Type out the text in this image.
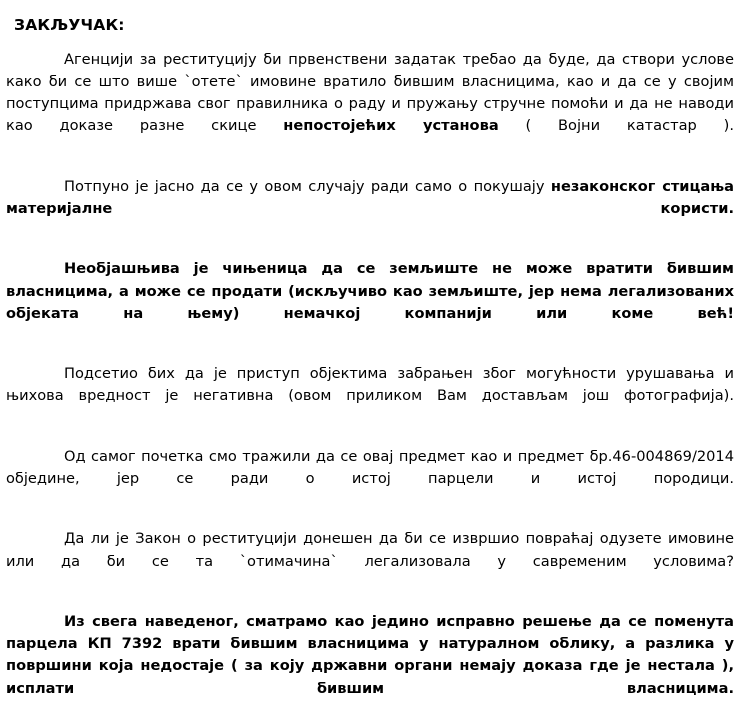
ЗАКЉУЧАК:

Агенцији за реституцију би првенствени задатак требао да буде, да створи услове како би се што више `отете` имовине вратило бившим власницима, као и да се у својим поступцима придржава свог правилника о раду и пружању стручне помоћи и да не наводи као доказе разне скице непостојећих установа ( Војни катастар ).

Потпуно је јасно да се у овом случају ради само о покушају незаконског стицања материјалне користи.

Необјашњива је чињеница да се земљиште не може вратити бившим власницима, а може се продати (искључиво као земљиште, јер нема легализованих објеката на њему) немачкој компанији или коме већ!

Подсетио бих да је приступ објектима забрањен због могућности урушавања и њихова вредност је негативна (овом приликом Вам достављам још фотографија).

Од самог почетка смо тражили да се овај предмет као и предмет бр.46-004869/2014 обједине, јер се ради о истој парцели и истој породици.

Да ли је Закон о реституцији донешен да би се извршио повраћај одузете имовине или да би се та `отимачина` легализовала у савременим условима?

Из свега наведеног, сматрамо као једино исправно решење да се поменута парцела КП 7392 врати бившим власницима у натуралном облику, а разлика у површини која недостаје ( за коју државни органи немају доказа где је нестала ), исплати бившим власницима.
